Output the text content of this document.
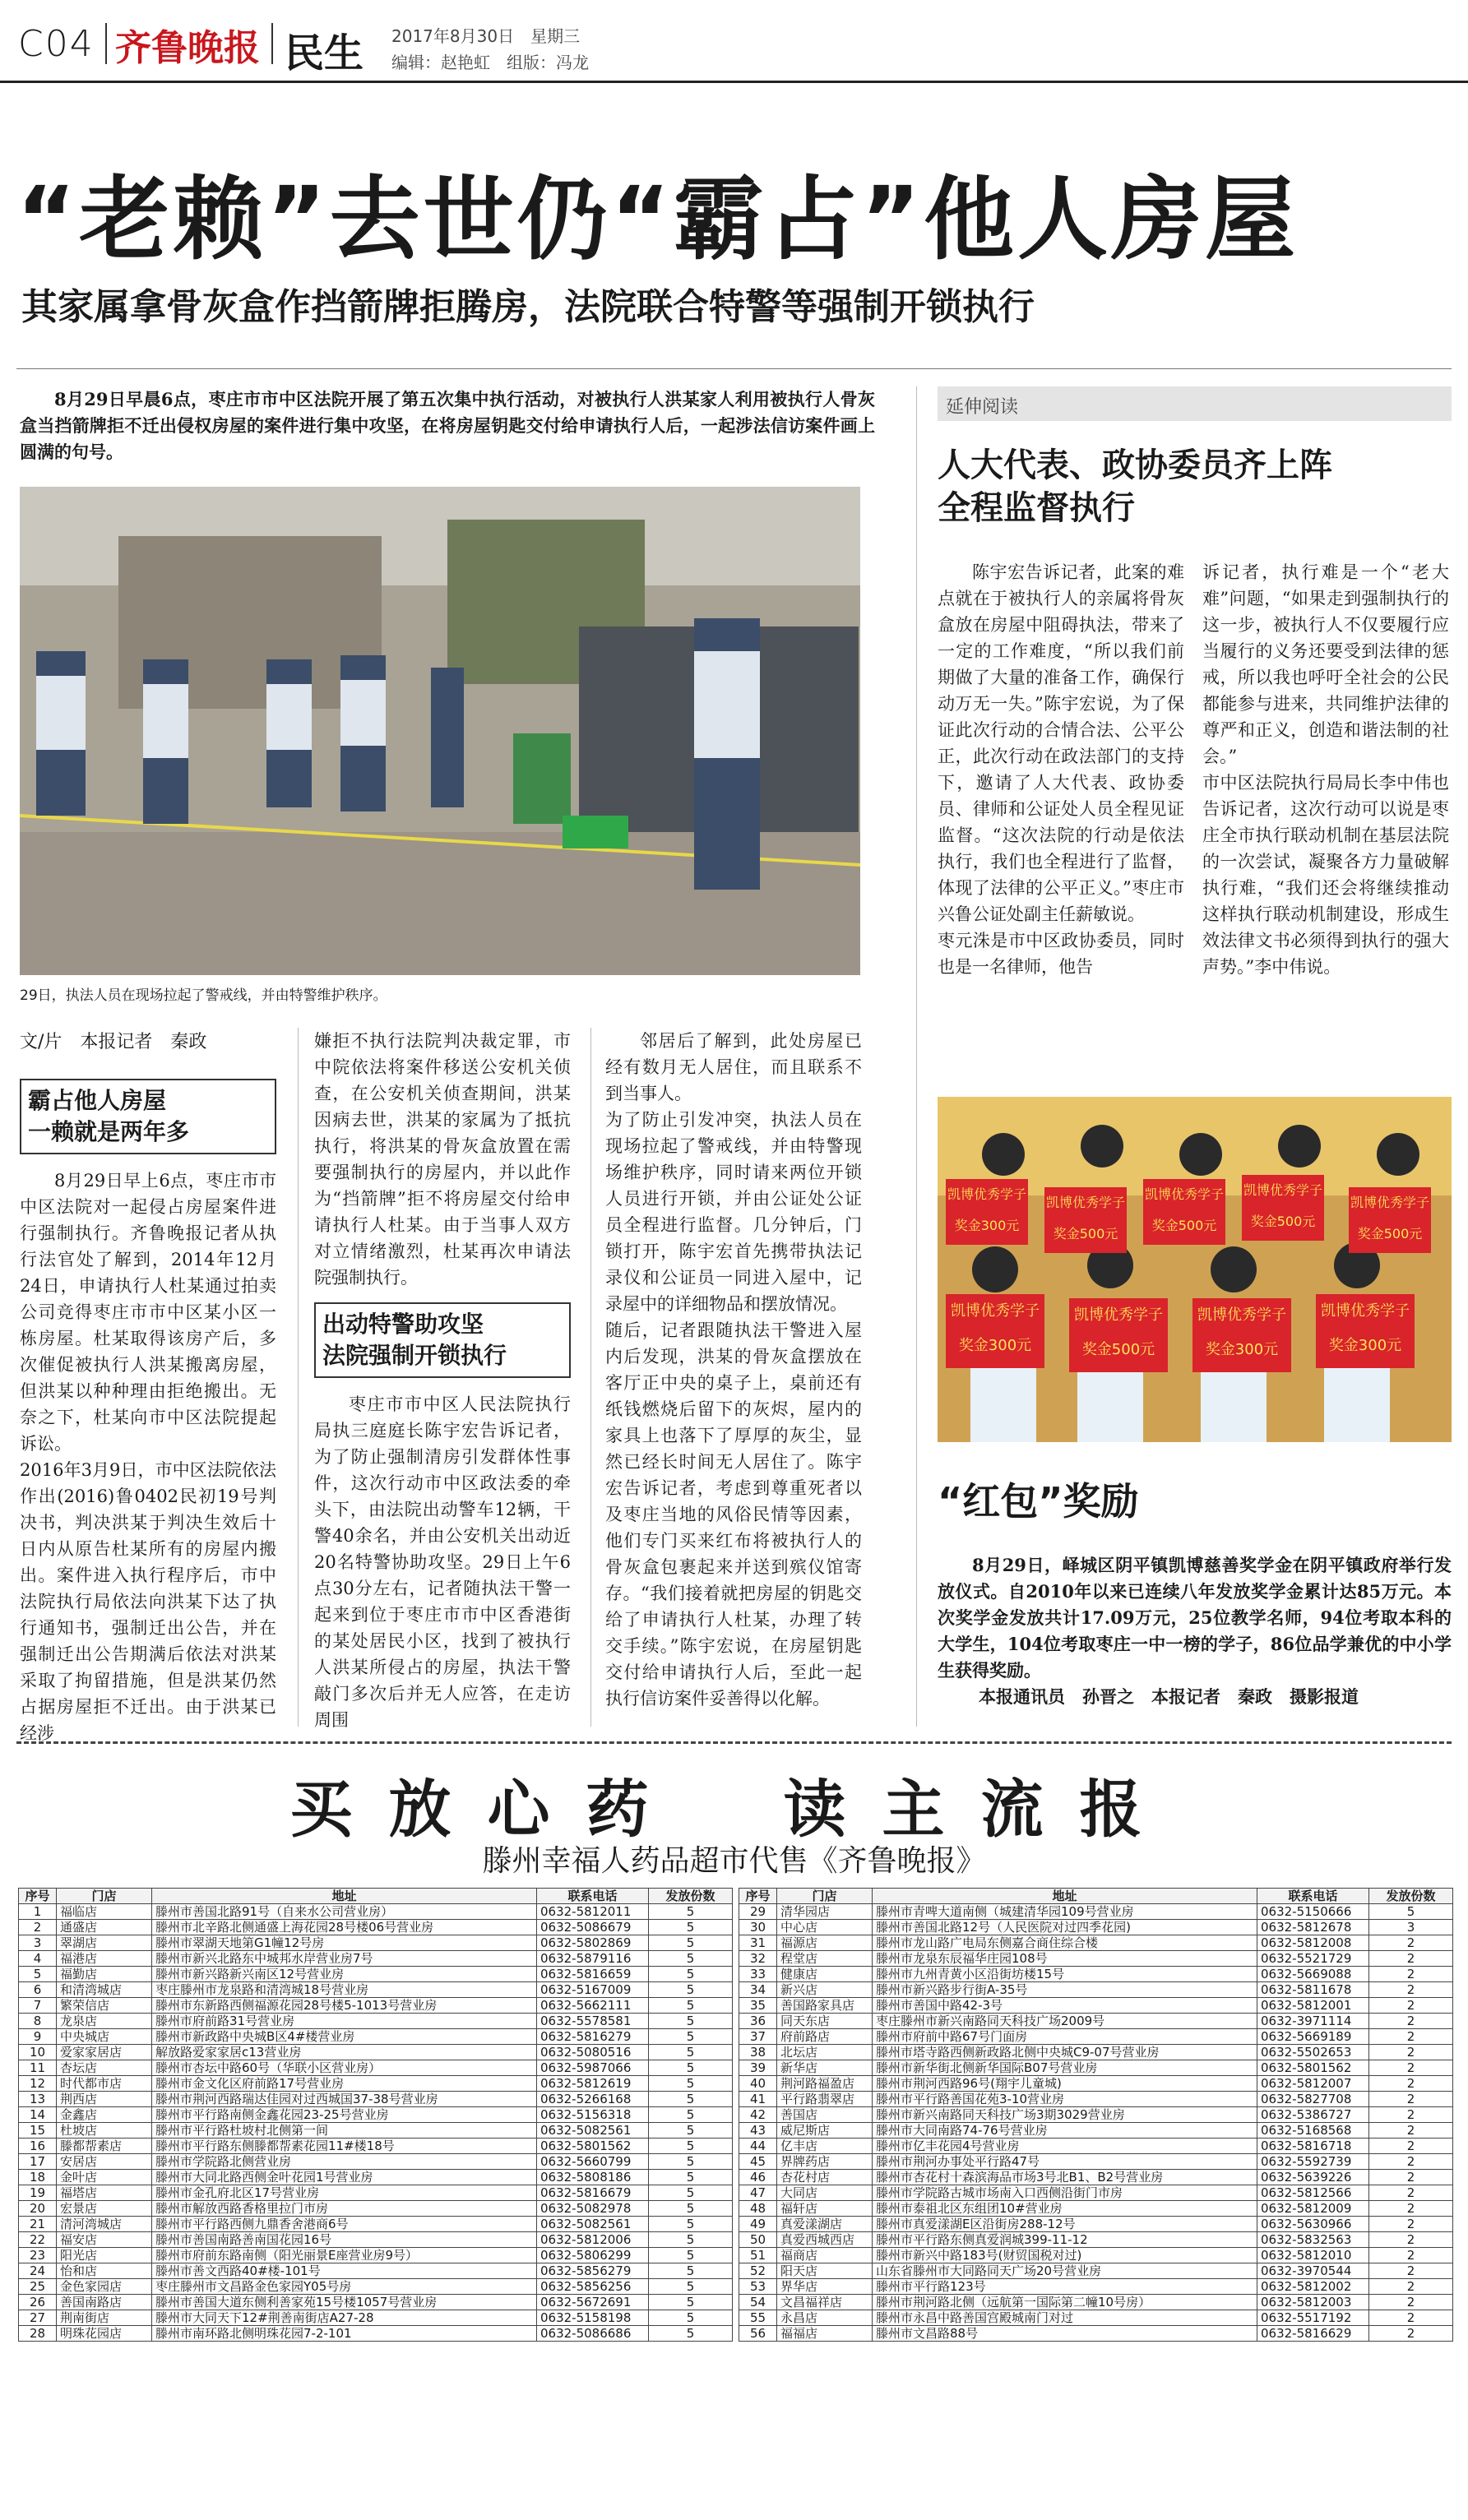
C04 齐鲁晚报 民生 2017年8月30日　星期三
编辑：赵艳虹　组版：冯龙
“老赖”去世仍“霸占”他人房屋
其家属拿骨灰盒作挡箭牌拒腾房，法院联合特警等强制开锁执行
8月29日早晨6点，枣庄市市中区法院开展了第五次集中执行活动，对被执行人洪某家人利用被执行人骨灰盒当挡箭牌拒不迁出侵权房屋的案件进行集中攻坚，在将房屋钥匙交付给申请执行人后，一起涉法信访案件画上圆满的句号。
29日，执法人员在现场拉起了警戒线，并由特警维护秩序。
文/片　本报记者　秦政
霸占他人房屋
一赖就是两年多
8月29日早上6点，枣庄市市中区法院对一起侵占房屋案件进行强制执行。齐鲁晚报记者从执行法官处了解到，2014年12月24日，申请执行人杜某通过拍卖公司竞得枣庄市市中区某小区一栋房屋。杜某取得该房产后，多次催促被执行人洪某搬离房屋，但洪某以种种理由拒绝搬出。无奈之下，杜某向市中区法院提起诉讼。
2016年3月9日，市中区法院依法作出(2016)鲁0402民初19号判决书，判决洪某于判决生效后十日内从原告杜某所有的房屋内搬出。案件进入执行程序后，市中法院执行局依法向洪某下达了执行通知书，强制迁出公告，并在强制迁出公告期满后依法对洪某采取了拘留措施，但是洪某仍然占据房屋拒不迁出。由于洪某已经涉
嫌拒不执行法院判决裁定罪，市中院依法将案件移送公安机关侦查，在公安机关侦查期间，洪某因病去世，洪某的家属为了抵抗执行，将洪某的骨灰盒放置在需要强制执行的房屋内，并以此作为“挡箭牌”拒不将房屋交付给申请执行人杜某。由于当事人双方对立情绪激烈，杜某再次申请法院强制执行。
出动特警助攻坚
法院强制开锁执行
枣庄市市中区人民法院执行局执三庭庭长陈宇宏告诉记者，为了防止强制清房引发群体性事件，这次行动市中区政法委的牵头下，由法院出动警车12辆，干警40余名，并由公安机关出动近20名特警协助攻坚。29日上午6点30分左右，记者随执法干警一起来到位于枣庄市市中区香港街的某处居民小区，找到了被执行人洪某所侵占的房屋，执法干警敲门多次后并无人应答，在走访周围
邻居后了解到，此处房屋已经有数月无人居住，而且联系不到当事人。
为了防止引发冲突，执法人员在现场拉起了警戒线，并由特警现场维护秩序，同时请来两位开锁人员进行开锁，并由公证处公证员全程进行监督。几分钟后，门锁打开，陈宇宏首先携带执法记录仪和公证员一同进入屋中，记录屋中的详细物品和摆放情况。
随后，记者跟随执法干警进入屋内后发现，洪某的骨灰盒摆放在客厅正中央的桌子上，桌前还有纸钱燃烧后留下的灰烬，屋内的家具上也落下了厚厚的灰尘，显然已经长时间无人居住了。陈宇宏告诉记者，考虑到尊重死者以及枣庄当地的风俗民情等因素，他们专门买来红布将被执行人的骨灰盒包裹起来并送到殡仪馆寄存。“我们接着就把房屋的钥匙交给了申请执行人杜某，办理了转交手续。”陈宇宏说，在房屋钥匙交付给申请执行人后，至此一起执行信访案件妥善得以化解。
延伸阅读
人大代表、政协委员齐上阵
全程监督执行
陈宇宏告诉记者，此案的难点就在于被执行人的亲属将骨灰盒放在房屋中阻碍执法，带来了一定的工作难度，“所以我们前期做了大量的准备工作，确保行动万无一失。”陈宇宏说，为了保证此次行动的合情合法、公平公正，此次行动在政法部门的支持下，邀请了人大代表、政协委员、律师和公证处人员全程见证监督。“这次法院的行动是依法执行，我们也全程进行了监督，体现了法律的公平正义。”枣庄市兴鲁公证处副主任薪敏说。
枣元洙是市中区政协委员，同时也是一名律师，他告
诉记者，执行难是一个“老大难”问题，“如果走到强制执行的这一步，被执行人不仅要履行应当履行的义务还要受到法律的惩戒，所以我也呼吁全社会的公民都能参与进来，共同维护法律的尊严和正义，创造和谐法制的社会。”
市中区法院执行局局长李中伟也告诉记者，这次行动可以说是枣庄全市执行联动机制在基层法院的一次尝试，凝聚各方力量破解执行难，“我们还会将继续推动这样执行联动机制建设，形成生效法律文书必须得到执行的强大声势。”李中伟说。
凯博优秀学子
奖金300元
凯博优秀学子
奖金500元
凯博优秀学子
奖金500元
凯博优秀学子
奖金500元
凯博优秀学子
奖金500元
凯博优秀学子
奖金300元
凯博优秀学子
奖金500元
凯博优秀学子
奖金300元
凯博优秀学子
奖金300元
“红包”奖励
8月29日，峄城区阴平镇凯博慈善奖学金在阴平镇政府举行发放仪式。自2010年以来已连续八年发放奖学金累计达85万元。本次奖学金发放共计17.09万元，25位教学名师，94位考取本科的大学生，104位考取枣庄一中一榜的学子，86位品学兼优的中小学生获得奖励。
本报通讯员　孙晋之　本报记者　秦政　摄影报道
买放心药　读主流报
滕州幸福人药品超市代售《齐鲁晚报》
序号	门店	地址	联系电话	发放份数
1	福临店	滕州市善国北路91号（自来水公司营业房）	0632-5812011	5
2	通盛店	滕州市北辛路北侧通盛上海花园28号楼06号营业房	0632-5086679	5
3	翠湖店	滕州市翠湖天地第G1幢12号房	0632-5802869	5
4	福港店	滕州市新兴北路东中城邦水岸营业房7号	0632-5879116	5
5	福勤店	滕州市新兴路新兴南区12号营业房	0632-5816659	5
6	和清湾城店	枣庄滕州市龙泉路和清湾城18号营业房	0632-5167009	5
7	繁荣信店	滕州市东新路西侧福源花园28号楼5-1013号营业房	0632-5662111	5
8	龙泉店	滕州市府前路31号营业房	0632-5578581	5
9	中央城店	滕州市新政路中央城B区4#楼营业房	0632-5816279	5
10	爱家家居店	解放路爱家家居c13营业房	0632-5080516	5
11	杏坛店	滕州市杏坛中路60号（华联小区营业房）	0632-5987066	5
12	时代都市店	滕州市金文化区府前路17号营业房	0632-5812619	5
13	荆西店	滕州市荆河西路瑞达佳园对过西城国37-38号营业房	0632-5266168	5
14	金鑫店	滕州市平行路南侧金鑫花园23-25号营业房	0632-5156318	5
15	杜坡店	滕州市平行路杜坡村北侧第一间	0632-5082561	5
16	滕都帮素店	滕州市平行路东侧滕都帮素花园11#楼18号	0632-5801562	5
17	安居店	滕州市学院路北侧营业房	0632-5660799	5
18	金叶店	滕州市大同北路西侧金叶花园1号营业房	0632-5808186	5
19	福塔店	滕州市金孔府北区17号营业房	0632-5816679	5
20	宏景店	滕州市解放西路香格里拉门市房	0632-5082978	5
21	清河湾城店	滕州市平行路西侧九鼎香舍港商6号	0632-5082561	5
22	福安店	滕州市善国南路善南国花园16号	0632-5812006	5
23	阳光店	滕州市府前东路南侧（阳光丽景E座营业房9号）	0632-5806299	5
24	怡和店	滕州市善文西路40#楼-101号	0632-5856279	5
25	金色家园店	枣庄滕州市文昌路金色家园Y05号房	0632-5856256	5
26	善国南路店	滕州市善国大道东侧利善家苑15号楼1057号营业房	0632-5672691	5
27	荆南街店	滕州市大同天下12#荆善南街店A27-28	0632-5158198	5
28	明珠花园店	滕州市南环路北侧明珠花园7-2-101	0632-5086686	5
序号	门店	地址	联系电话	发放份数
29	清华园店	滕州市青啤大道南侧（城建清华园109号营业房	0632-5150666	5
30	中心店	滕州市善国北路12号（人民医院对过四季花园)	0632-5812678	3
31	福源店	滕州市龙山路广电局东侧嘉合商住综合楼	0632-5812008	2
32	程堂店	滕州市龙泉东辰福华庄园108号	0632-5521729	2
33	健康店	滕州市九州青黄小区沿街坊楼15号	0632-5669088	2
34	新兴店	滕州市新兴路步行街A-35号	0632-5811678	2
35	善国路家具店	滕州市善国中路42-3号	0632-5812001	2
36	同天东店	枣庄滕州市新兴南路同天科技广场2009号	0632-3971114	2
37	府前路店	滕州市府前中路67号门面房	0632-5669189	2
38	北坛店	滕州市塔寺路西侧新政路北侧中央城C9-07号营业房	0632-5502653	2
39	新华店	滕州市新华街北侧新华国际B07号营业房	0632-5801562	2
40	荆河路福盈店	滕州市荆河西路96号(翔宇儿童城)	0632-5812007	2
41	平行路翡翠店	滕州市平行路善国花苑3-10营业房	0632-5827708	2
42	善国店	滕州市新兴南路同天科技广场3期3029营业房	0632-5386727	2
43	威尼斯店	滕州市大同南路74-76号营业房	0632-5168568	2
44	亿丰店	滕州市亿丰花园4号营业房	0632-5816718	2
45	界牌药店	滕州市荆河办事处平行路47号	0632-5592739	2
46	杏花村店	滕州市杏花村十森滨海品市场3号北B1、B2号营业房	0632-5639226	2
47	大同店	滕州市学院路古城市场南入口西侧沿街门市房	0632-5812566	2
48	福轩店	滕州市泰祖北区东组团10#营业房	0632-5812009	2
49	真爱漾湖店	滕州市真爱漾湖E区沿街房288-12号	0632-5630966	2
50	真爱西城西店	滕州市平行路东侧真爱润城399-11-12	0632-5832563	2
51	福商店	滕州市新兴中路183号(财贸国税对过)	0632-5812010	2
52	阳天店	山东省滕州市大同路同天广场20号营业房	0632-3970544	2
53	界华店	滕州市平行路123号	0632-5812002	2
54	文昌福祥店	滕州市荆河路北侧（远航第一国际第二幢10号房）	0632-5812003	2
55	永昌店	滕州市永昌中路善国宫殿城南门对过	0632-5517192	2
56	福福店	滕州市文昌路88号	0632-5816629	2
